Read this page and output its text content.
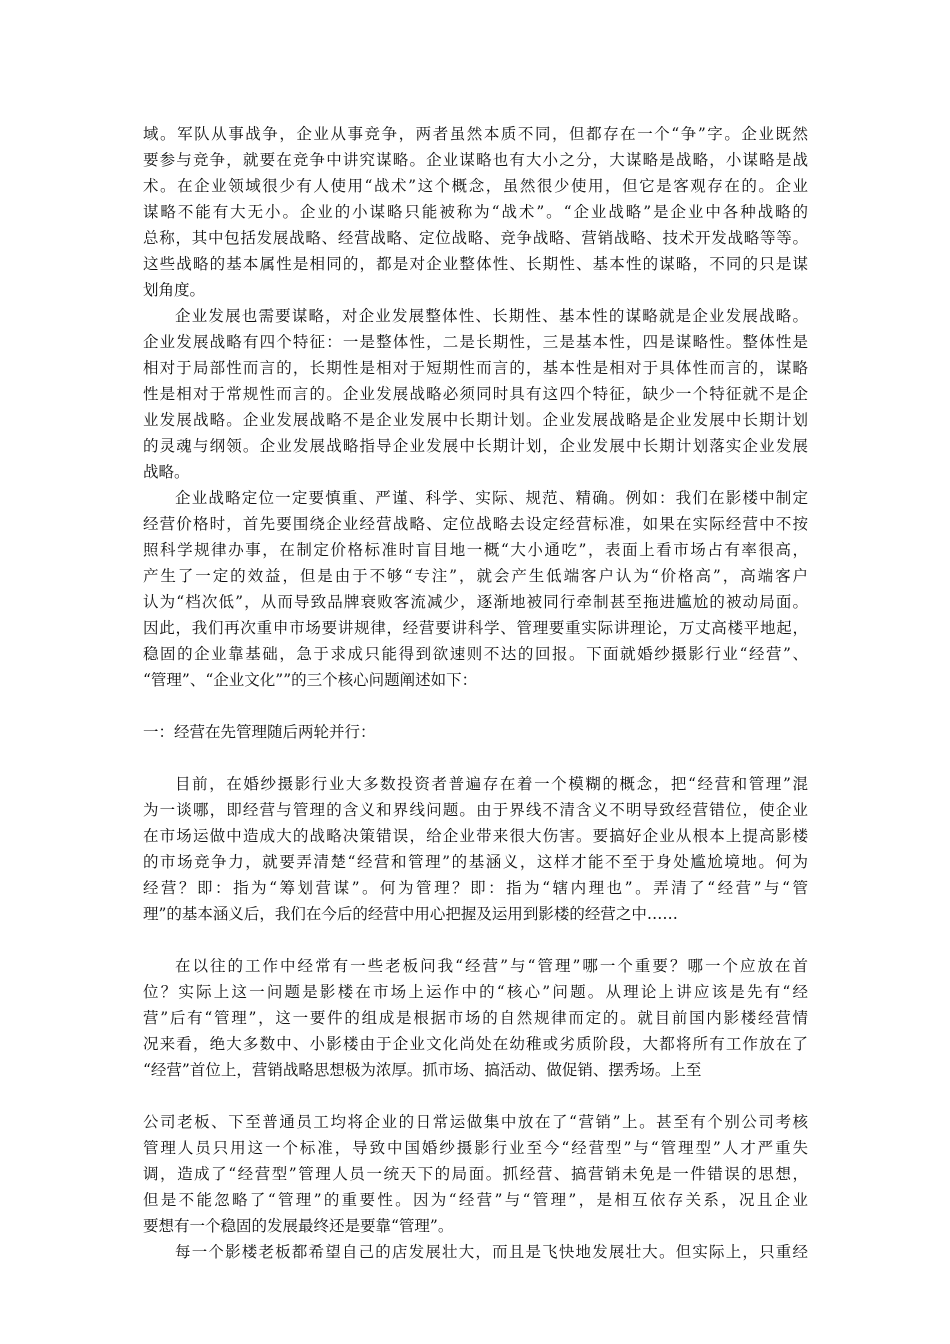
域。军队从事战争，企业从事竞争，两者虽然本质不同，但都存在一个“争”字。企业既然
要参与竞争，就要在竞争中讲究谋略。企业谋略也有大小之分，大谋略是战略，小谋略是战
术。在企业领域很少有人使用“战术”这个概念，虽然很少使用，但它是客观存在的。企业
谋略不能有大无小。企业的小谋略只能被称为“战术”。“企业战略”是企业中各种战略的
总称，其中包括发展战略、经营战略、定位战略、竞争战略、营销战略、技术开发战略等等。
这些战略的基本属性是相同的，都是对企业整体性、长期性、基本性的谋略，不同的只是谋
划角度。
企业发展也需要谋略，对企业发展整体性、长期性、基本性的谋略就是企业发展战略。
企业发展战略有四个特征：一是整体性，二是长期性，三是基本性，四是谋略性。整体性是
相对于局部性而言的，长期性是相对于短期性而言的，基本性是相对于具体性而言的，谋略
性是相对于常规性而言的。企业发展战略必须同时具有这四个特征，缺少一个特征就不是企
业发展战略。企业发展战略不是企业发展中长期计划。企业发展战略是企业发展中长期计划
的灵魂与纲领。企业发展战略指导企业发展中长期计划，企业发展中长期计划落实企业发展
战略。
企业战略定位一定要慎重、严谨、科学、实际、规范、精确。例如：我们在影楼中制定
经营价格时，首先要围绕企业经营战略、定位战略去设定经营标准，如果在实际经营中不按
照科学规律办事，在制定价格标准时盲目地一概“大小通吃”，表面上看市场占有率很高，
产生了一定的效益，但是由于不够“专注”，就会产生低端客户认为“价格高”，高端客户
认为“档次低”，从而导致品牌衰败客流减少，逐渐地被同行牵制甚至拖进尴尬的被动局面。
因此，我们再次重申市场要讲规律，经营要讲科学、管理要重实际讲理论，万丈高楼平地起，
稳固的企业靠基础，急于求成只能得到欲速则不达的回报。下面就婚纱摄影行业“经营”、
“管理”、“企业文化””的三个核心问题阐述如下：
一：经营在先管理随后两轮并行：
目前，在婚纱摄影行业大多数投资者普遍存在着一个模糊的概念，把“经营和管理”混
为一谈哪，即经营与管理的含义和界线问题。由于界线不清含义不明导致经营错位，使企业
在市场运做中造成大的战略决策错误，给企业带来很大伤害。要搞好企业从根本上提高影楼
的市场竞争力，就要弄清楚“经营和管理”的基涵义，这样才能不至于身处尴尬境地。何为
经营？即：指为“筹划营谋”。何为管理？即：指为“辖内理也”。弄清了“经营”与“管
理”的基本涵义后，我们在今后的经营中用心把握及运用到影楼的经营之中……
在以往的工作中经常有一些老板问我“经营”与“管理”哪一个重要？哪一个应放在首
位？实际上这一问题是影楼在市场上运作中的“核心”问题。从理论上讲应该是先有“经
营”后有“管理”，这一要件的组成是根据市场的自然规律而定的。就目前国内影楼经营情
况来看，绝大多数中、小影楼由于企业文化尚处在幼稚或劣质阶段，大都将所有工作放在了
“经营”首位上，营销战略思想极为浓厚。抓市场、搞活动、做促销、摆秀场。上至
公司老板、下至普通员工均将企业的日常运做集中放在了“营销”上。甚至有个别公司考核
管理人员只用这一个标准，导致中国婚纱摄影行业至今“经营型”与“管理型”人才严重失
调，造成了“经营型”管理人员一统天下的局面。抓经营、搞营销未免是一件错误的思想，
但是不能忽略了“管理”的重要性。因为“经营”与“管理”，是相互依存关系，况且企业
要想有一个稳固的发展最终还是要靠“管理”。
每一个影楼老板都希望自己的店发展壮大，而且是飞快地发展壮大。但实际上，只重经
